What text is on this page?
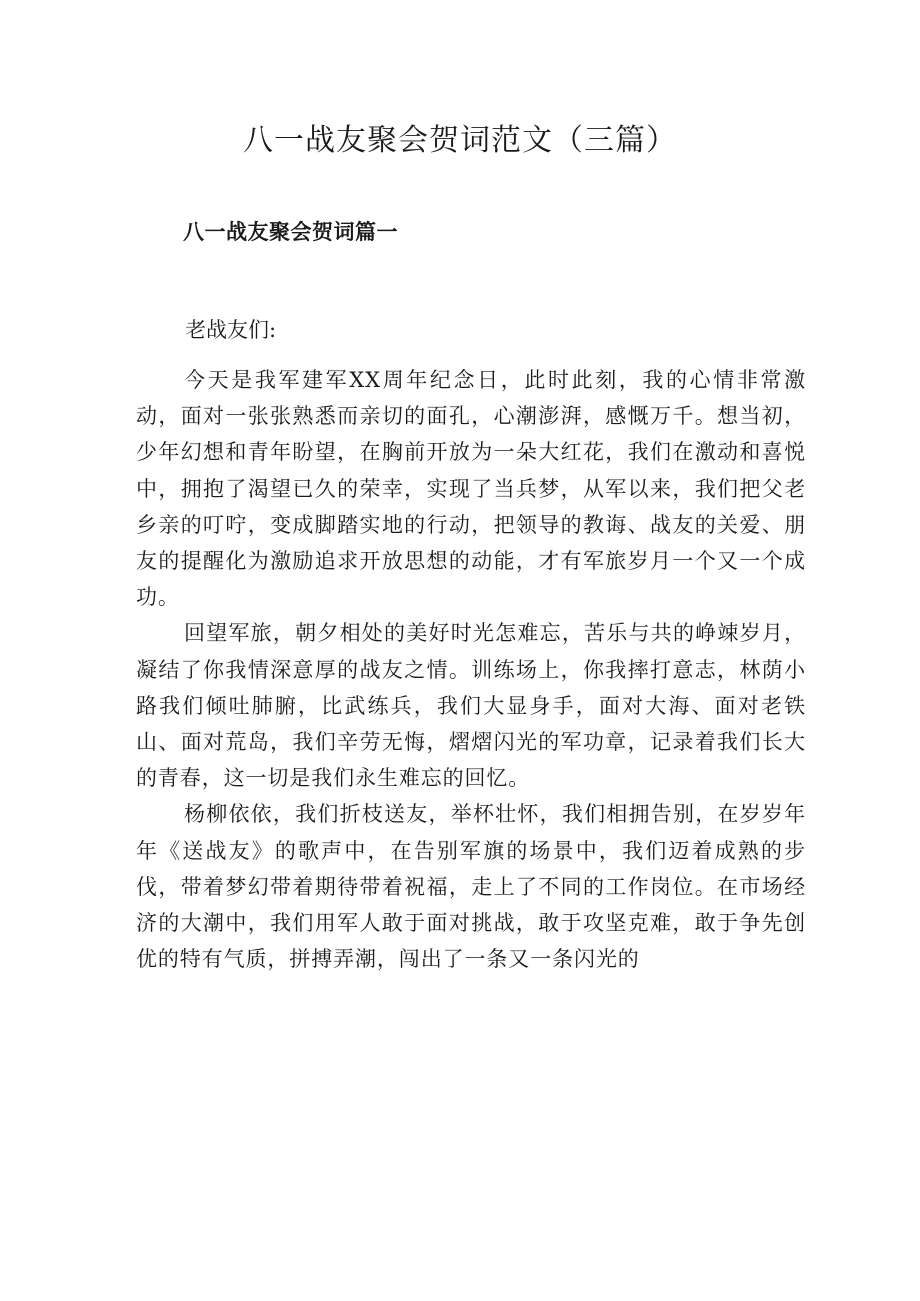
八一战友聚会贺词范文（三篇）
八一战友聚会贺词篇一

老战友们:

今天是我军建军XX周年纪念日，此时此刻，我的心情非常激动，面对一张张熟悉而亲切的面孔，心潮澎湃，感慨万千。想当初，少年幻想和青年盼望，在胸前开放为一朵大红花，我们在激动和喜悦中，拥抱了渴望已久的荣幸，实现了当兵梦，从军以来，我们把父老乡亲的叮咛，变成脚踏实地的行动，把领导的教诲、战友的关爱、朋友的提醒化为激励追求开放思想的动能，才有军旅岁月一个又一个成功。

回望军旅，朝夕相处的美好时光怎难忘，苦乐与共的峥竦岁月，凝结了你我情深意厚的战友之情。训练场上，你我摔打意志，林荫小路我们倾吐肺腑，比武练兵，我们大显身手，面对大海、面对老铁山、面对荒岛，我们辛劳无悔，熠熠闪光的军功章，记录着我们长大的青春，这一切是我们永生难忘的回忆。

杨柳依依，我们折枝送友，举杯壮怀，我们相拥告别，在岁岁年年《送战友》的歌声中，在告别军旗的场景中，我们迈着成熟的步伐，带着梦幻带着期待带着祝福，走上了不同的工作岗位。在市场经济的大潮中，我们用军人敢于面对挑战，敢于攻坚克难，敢于争先创优的特有气质，拼搏弄潮，闯出了一条又一条闪光的
